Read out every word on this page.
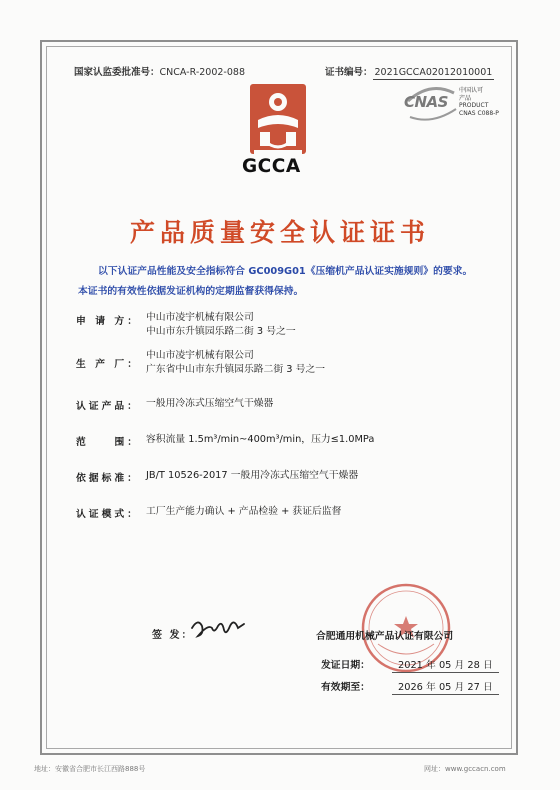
国家认监委批准号：CNCA-R-2002-088	证书编号： 2021GCCA02012010001
GCCA
CNAS
中国认可
产品
PRODUCT
CNAS C088-P
产品质量安全认证证书
以下认证产品性能及安全指标符合 GC009G01《压缩机产品认证实施规则》的要求。
本证书的有效性依据发证机构的定期监督获得保持。
申 请 方： 中山市凌宇机械有限公司
中山市东升镇园乐路二街 3 号之一
生 产 厂：
中山市凌宇机械有限公司
广东省中山市东升镇园乐路二街 3 号之一
认证产品： 一般用冷冻式压缩空气干燥器
范    围： 容积流量 1.5m³/min~400m³/min，压力≤1.0MPa
依据标准： JB/T 10526-2017 一般用冷冻式压缩空气干燥器
认证模式： 工厂生产能力确认 + 产品检验 + 获证后监督
签 发：	合肥通用机械产品认证有限公司
发证日期：	2021 年 05 月 28 日
有效期至：	2026 年 05 月 27 日
地址：安徽省合肥市长江西路888号	网址：www.gccacn.com
